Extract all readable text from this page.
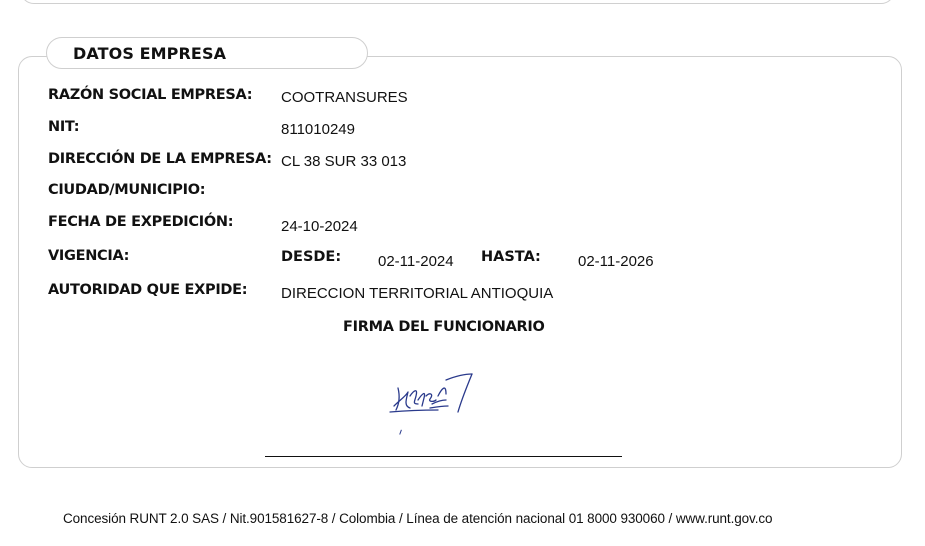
DATOS EMPRESA
RAZÓN SOCIAL EMPRESA: COOTRANSURES
NIT:	811010249
DIRECCIÓN DE LA EMPRESA: CL 38 SUR 33 013
CIUDAD/MUNICIPIO:
FECHA DE EXPEDICIÓN:	24-10-2024
VIGENCIA:	DESDE: 02-11-2024 HASTA: 02-11-2026
AUTORIDAD QUE EXPIDE: DIRECCION TERRITORIAL ANTIOQUIA
FIRMA DEL FUNCIONARIO
Concesión RUNT 2.0 SAS / Nit.901581627-8 / Colombia / Línea de atención nacional 01 8000 930060 / www.runt.gov.co
